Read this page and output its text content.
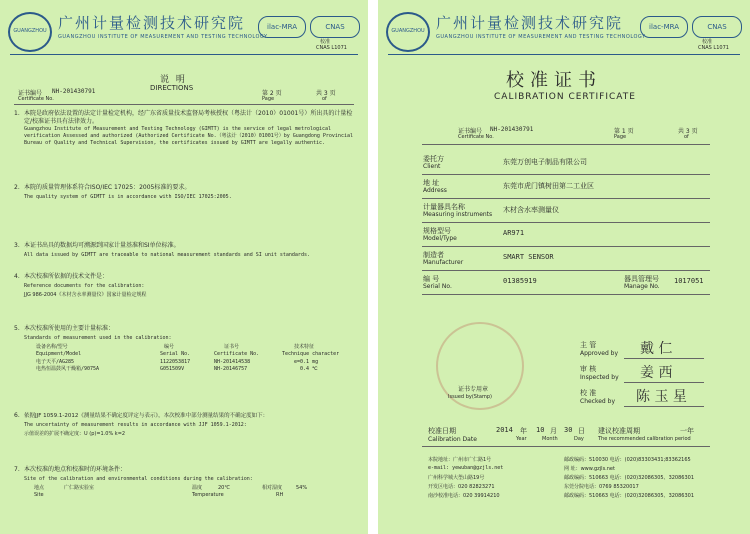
GUANGZHOU 广州计量检测技术研究院
GUANGZHOU INSTITUTE OF MEASUREMENT AND TESTING TECHNOLOGY
ilac-MRA	CNAS
校准
CNAS L1071
说 明
DIRECTIONS
证书编号 NH-201430791
Certificate No.
第 2 页
Page
共 3 页
of
1. 本院是政府依法设置的法定计量检定机构，经广东省质量技术监督局考核授权（粤法计（2010）01001号）所出具的计量检定/校准证书具有法律效力。
Guangzhou Institute of Measurement and Testing Technology (GIMTT) is the service of legal metrological verification Assessed and authorized (Authorized Certificate No.（粤法计（2010）01001号）by Guangdong Provincial Bureau of Quality and Technical Supervision, the certificates issued by GIMTT are legally authentic.
2. 本院的质量管理体系符合ISO/IEC 17025：2005标准的要求。
The quality system of GIMTT is in accordance with ISO/IEC 17025:2005.
3. 本证书出具的数据均可溯源到国家计量基准和SI单位标准。
All data issued by GIMTT are traceable to national measurement standards and SI unit standards.
4. 本次校准所依据的技术文件是：
Reference documents for the calibration:
JJG 986-2004《木材含水率测量仪》国家计量检定规程
5. 本次校准所使用的主要计量标准：
Standards of measurement used in the calibration:
设备名称/型号	编号	证书号	技术特征
Equipment/Model	Serial No.	Certificate No.	Technique character
电子天平/AG285	1122053817	NH-201414538	e=0.1 mg
电热恒温鼓风干燥箱/9075A	G051509V	NH-20146757	0.4 ℃
6. 依据JJF 1059.1-2012《测量结果不确定度评定与表示》，本次校准中部分测量结果的不确定度如下：
The uncertainty of measurement results in accordance with JJF 1059.1-2012:
示值误差的扩展不确定度：U (p)=1.0% k=2
7. 本次校准的地点和校准时的环境条件：
Site of the calibration and environmental conditions during the calibration:
地点	广仁路实验室
Site
温度	20℃
Temperature
相对湿度	54%
RH
GUANGZHOU 广州计量检测技术研究院
GUANGZHOU INSTITUTE OF MEASUREMENT AND TESTING TECHNOLOGY
ilac-MRA	CNAS
校准
CNAS L1071
校准证书
CALIBRATION CERTIFICATE
证书编号 NH-201430791
Certificate No.
第 1 页
Page
共 3 页
of
委托方
Client
东莞万创电子制品有限公司
地 址
Address
东莞市虎门镇树田第二工业区
计量器具名称
Measuring instruments
木材含水率测量仪
规格型号
Model/Type
AR971
制造者
Manufacturer
SMART SENSOR
编 号
Serial No.
01385919	器具管理号
Manage No.
1017051
主 管
Approved by 戴 仁
审 核
Inspected by 姜 西
校 准
Checked by 陈 玉 星
证书专用章
Issued by(Stamp)
校准日期
Calibration Date
2014 年
Year
10 月
Month
30 日
Day
建议校准周期	一年
The recommended calibration period
本院地址：广州市广仁路1号
e-mail: yewuban@gzjls.net
广州科学城大壆山路19号
开发区电话：020 82823271
南沙校准电话：020 39914210
邮政编码：510030 电话：(020)83303431;83362165
网 址：www.gzjls.net
邮政编码：510663 电话：(020)32086305、32086301
东莞分院电话：0769 85320017
邮政编码：510663 电话：(020)32086305、32086301
